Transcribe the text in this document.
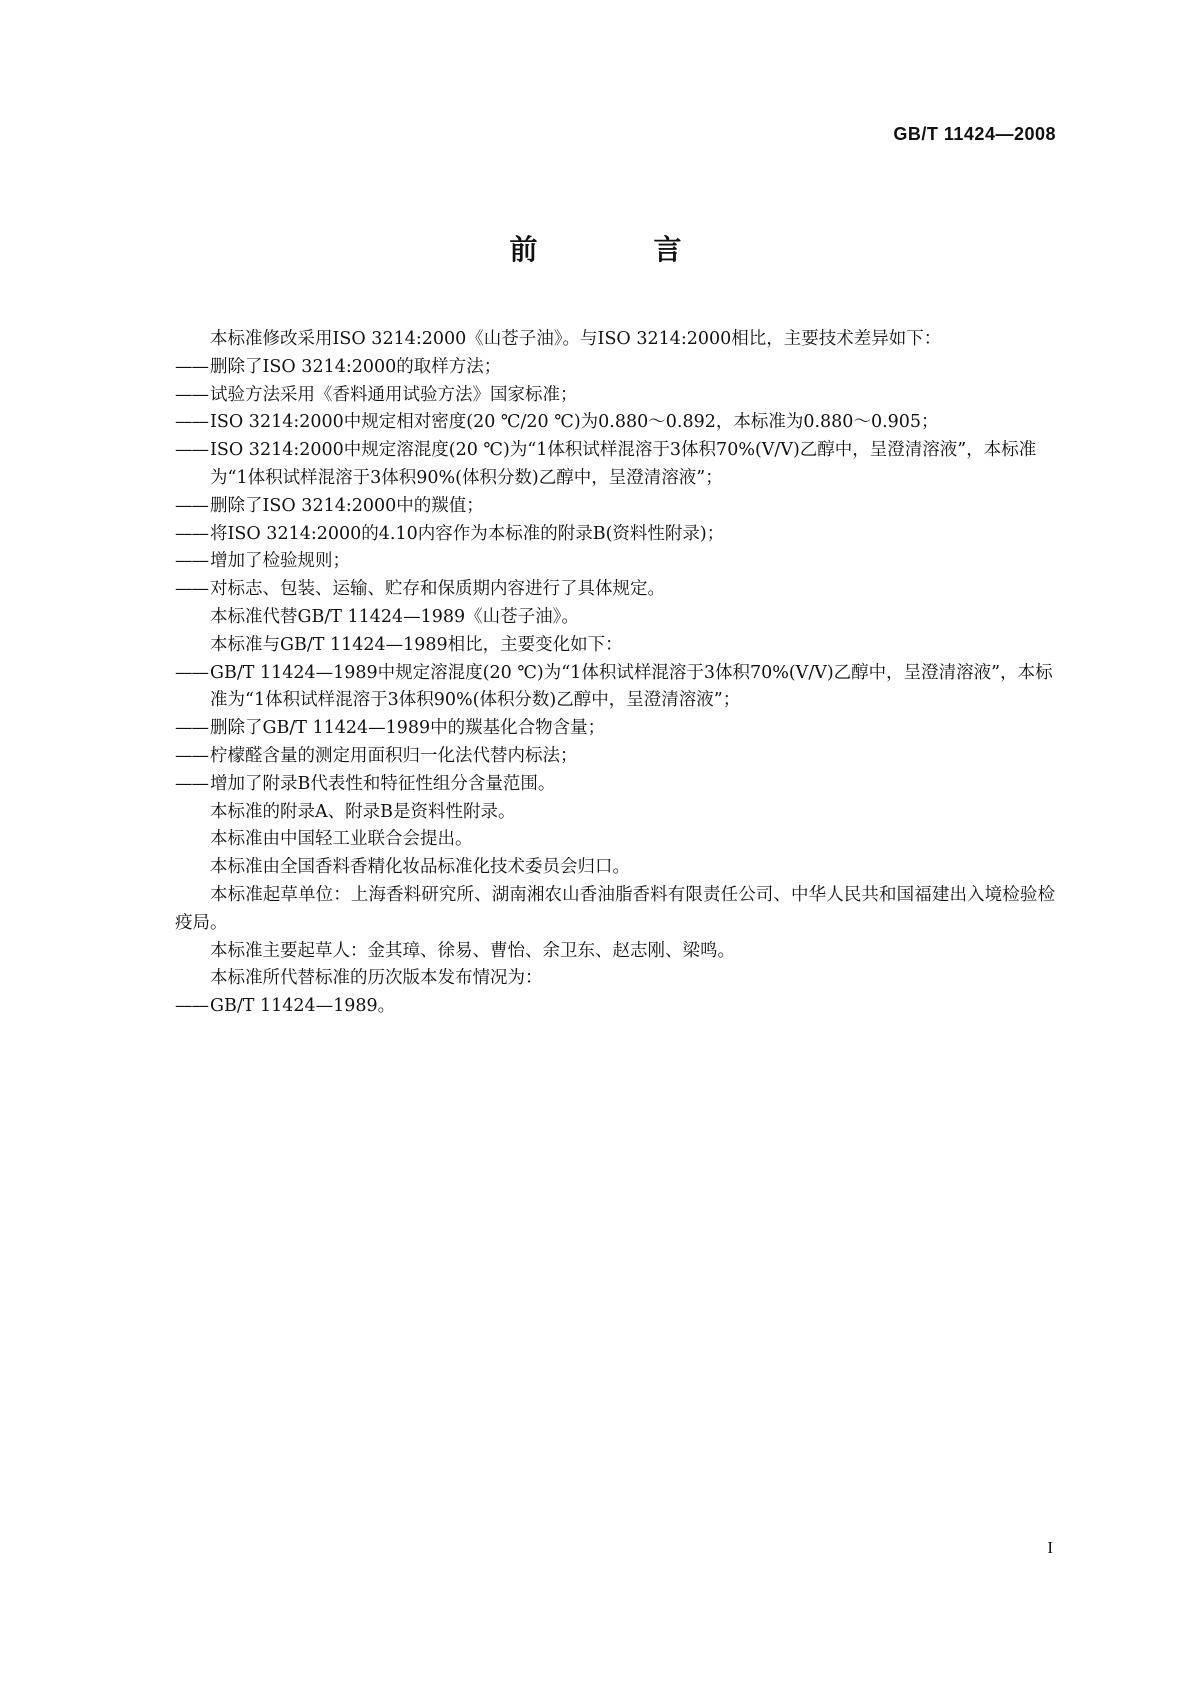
GB/T 11424—2008
前　言

本标准修改采用ISO 3214:2000《山苍子油》。与ISO 3214:2000相比，主要技术差异如下：

—— 删除了ISO 3214:2000的取样方法；

—— 试验方法采用《香料通用试验方法》国家标准；

—— ISO 3214:2000中规定相对密度(20 ℃/20 ℃)为0.880～0.892，本标准为0.880～0.905；

—— ISO 3214:2000中规定溶混度(20 ℃)为“1体积试样混溶于3体积70%(V/V)乙醇中，呈澄清溶液”，本标准为“1体积试样混溶于3体积90%(体积分数)乙醇中，呈澄清溶液”；

—— 删除了ISO 3214:2000中的羰值；

—— 将ISO 3214:2000的4.10内容作为本标准的附录B(资料性附录)；

—— 增加了检验规则；

—— 对标志、包装、运输、贮存和保质期内容进行了具体规定。

本标准代替GB/T 11424—1989《山苍子油》。

本标准与GB/T 11424—1989相比，主要变化如下：

—— GB/T 11424—1989中规定溶混度(20 ℃)为“1体积试样混溶于3体积70%(V/V)乙醇中，呈澄清溶液”，本标准为“1体积试样混溶于3体积90%(体积分数)乙醇中，呈澄清溶液”；

—— 删除了GB/T 11424—1989中的羰基化合物含量；

—— 柠檬醛含量的测定用面积归一化法代替内标法；

—— 增加了附录B代表性和特征性组分含量范围。

本标准的附录A、附录B是资料性附录。

本标准由中国轻工业联合会提出。

本标准由全国香料香精化妆品标准化技术委员会归口。

本标准起草单位：上海香料研究所、湖南湘农山香油脂香料有限责任公司、中华人民共和国福建出入境检验检疫局。

本标准主要起草人：金其璋、徐易、曹怡、余卫东、赵志刚、梁鸣。

本标准所代替标准的历次版本发布情况为：

—— GB/T 11424—1989。

I
